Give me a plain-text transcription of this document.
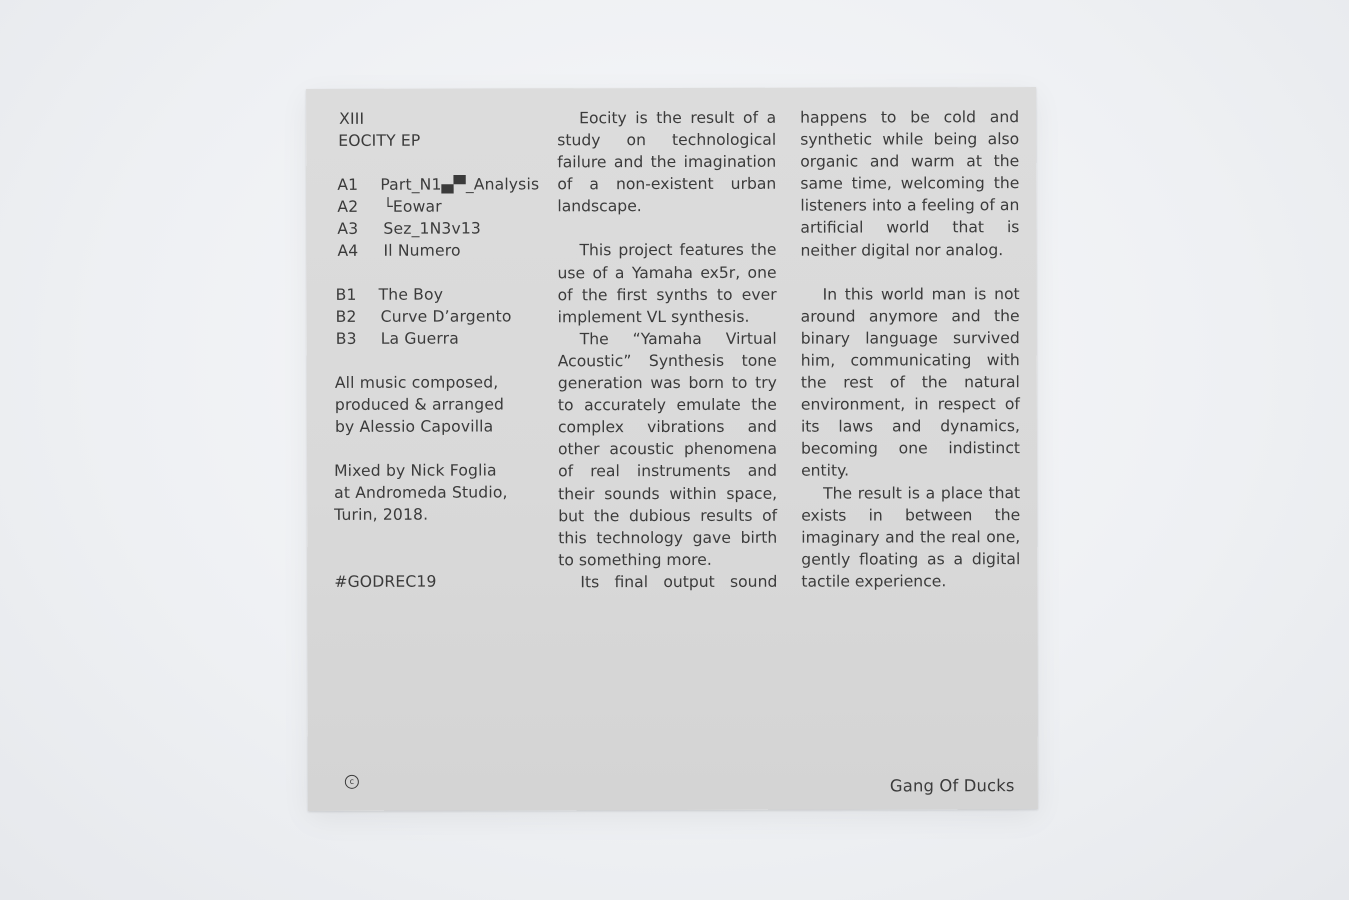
XIII
EOCITY EP
A1 Part_N1▄▀_Analysis
A2 └Eowar
A3 Sez_1N3v13
A4 Il Numero
B1 The Boy
B2 Curve D’argento
B3 La Guerra
All music composed,
produced & arranged
by Alessio Capovilla
Mixed by Nick Foglia
at Andromeda Studio,
Turin, 2018.
#GODREC19

Eocity is the result of a study on technological failure and the imagination of a non-existent urban landscape.

This project features the use of a Yamaha ex5r, one of the first synths to ever implement VL synthesis.

The “Yamaha Virtual Acoustic” Synthesis tone generation was born to try to accurately emulate the complex vibrations and other acoustic phenomena of real instruments and their sounds within space, but the dubious results of this technology gave birth to something more.

Its final output sound

happens to be cold and synthetic while being also organic and warm at the same time, welcoming the listeners into a feeling of an artificial world that is neither digital nor analog.

In this world man is not around anymore and the binary language survived him, communicating with the rest of the natural environment, in respect of its laws and dynamics, becoming one indistinct entity.

The result is a place that exists in between the imaginary and the real one, gently floating as a digital tactile experience.

c	Gang Of Ducks
